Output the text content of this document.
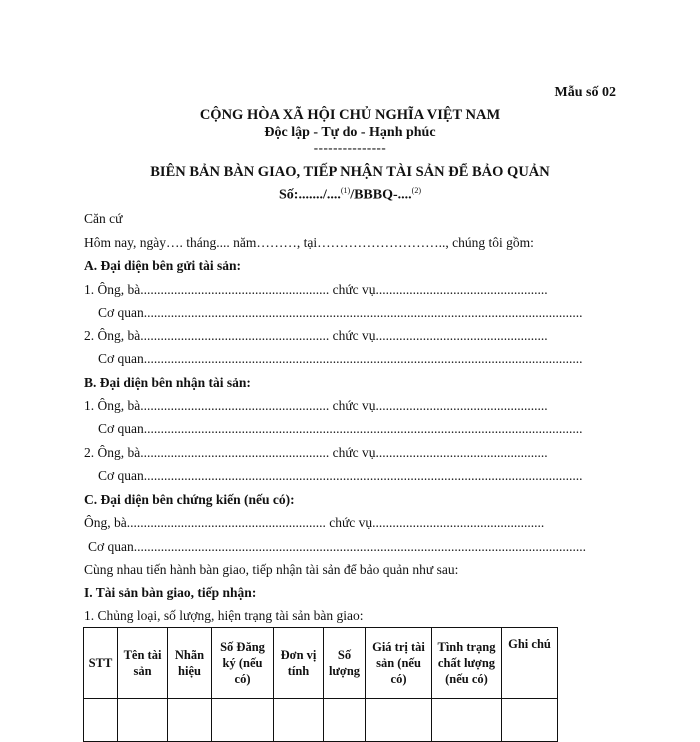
Mẫu số 02
CỘNG HÒA XÃ HỘI CHỦ NGHĨA VIỆT NAM
Độc lập - Tự do - Hạnh phúc
---------------
BIÊN BẢN BÀN GIAO, TIẾP NHẬN TÀI SẢN ĐỂ BẢO QUẢN
Số:......./....$^{(1)}$/BBBQ-....$^{(2)}$
Căn cứ
Hôm nay, ngày…. tháng.... năm………, tại……………………….., chúng tôi gồm:
A. Đại diện bên gửi tài sản:
1. Ông, bà........................................................ chức vụ...................................................
Cơ quan..................................................................................................................................
2. Ông, bà........................................................ chức vụ...................................................
Cơ quan..................................................................................................................................
B. Đại diện bên nhận tài sản:
1. Ông, bà........................................................ chức vụ...................................................
Cơ quan..................................................................................................................................
2. Ông, bà........................................................ chức vụ...................................................
Cơ quan..................................................................................................................................
C. Đại diện bên chứng kiến (nếu có):
Ông, bà........................................................... chức vụ...................................................
Cơ quan......................................................................................................................................
Cùng nhau tiến hành bàn giao, tiếp nhận tài sản để bảo quản như sau:
I. Tài sản bàn giao, tiếp nhận:
1. Chủng loại, số lượng, hiện trạng tài sản bàn giao:
STT	Tên tài sản	Nhãn hiệu	Số Đăng ký (nếu có)	Đơn vị tính	Số lượng	Giá trị tài sản (nếu có)	Tình trạng chất lượng (nếu có)	Ghi chú
